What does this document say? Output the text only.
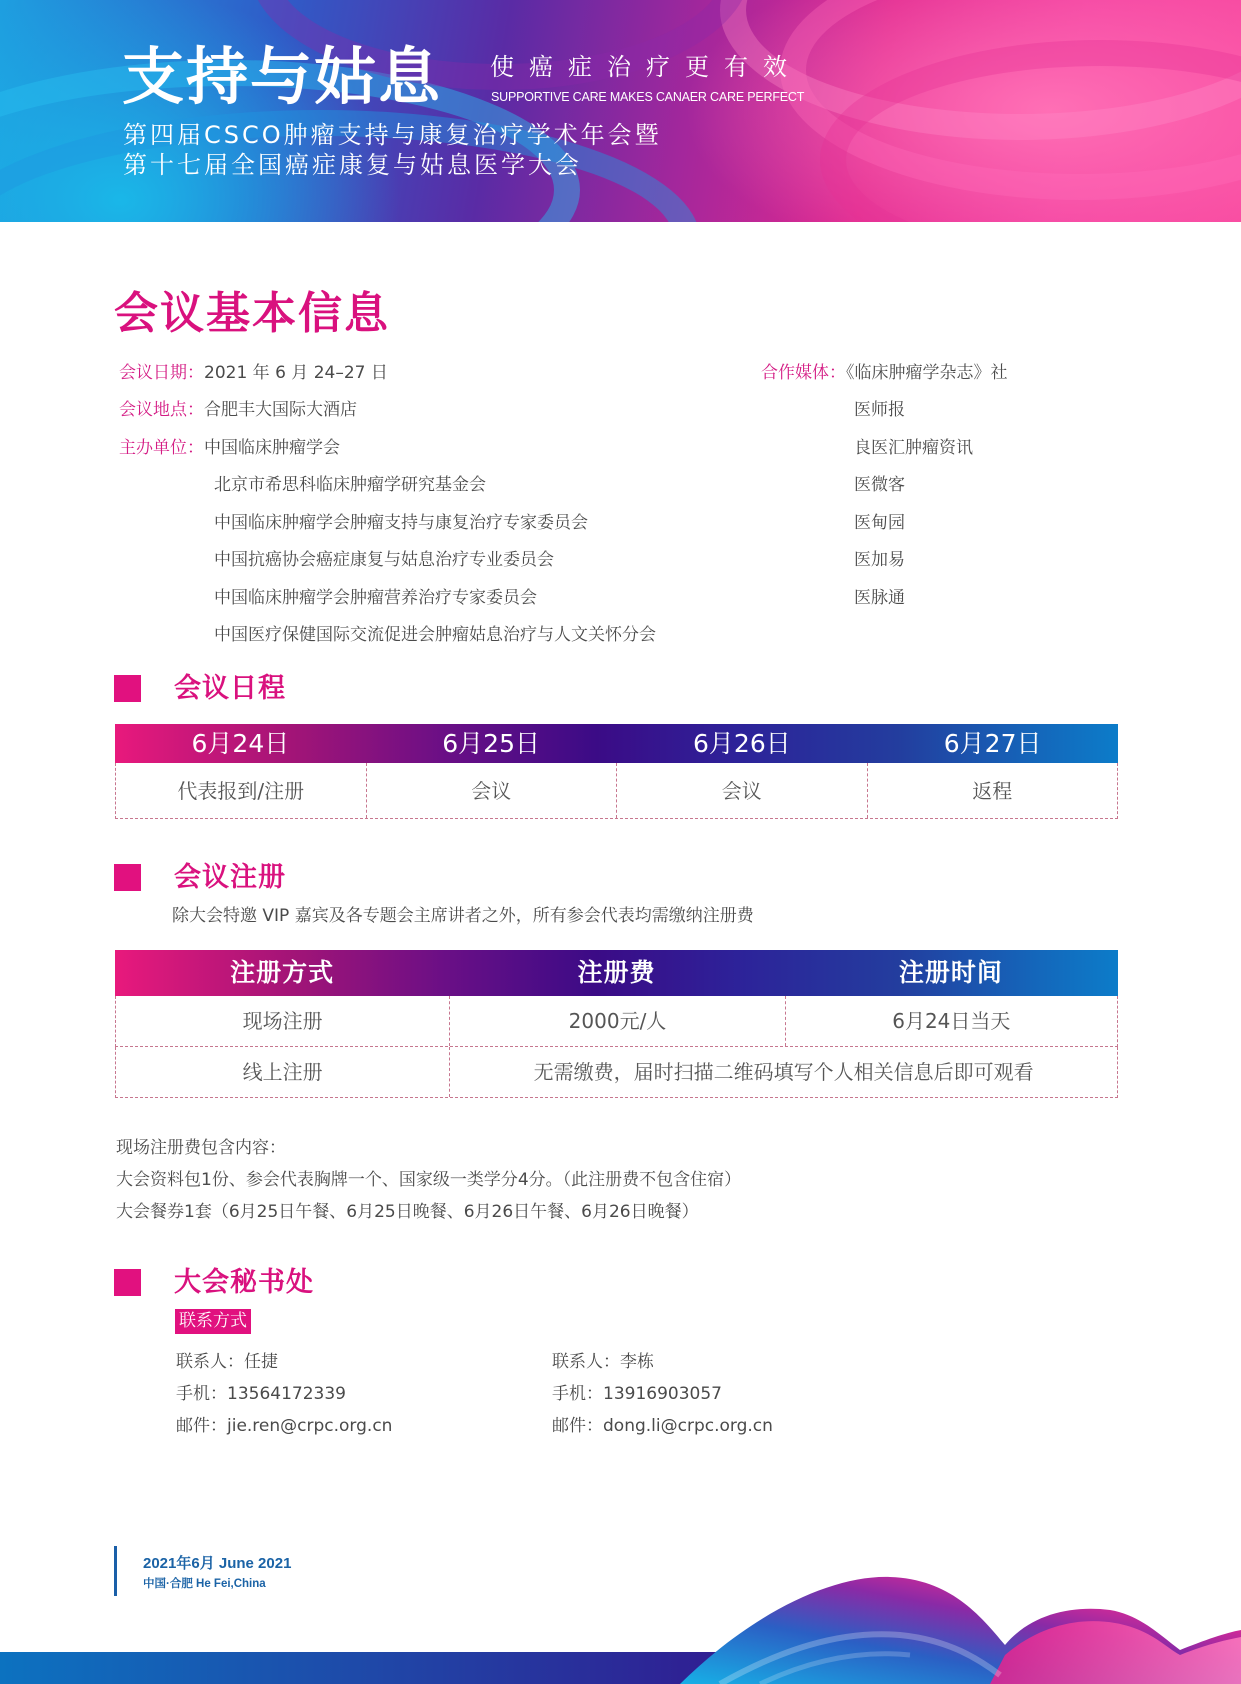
支持与姑息 使癌症治疗更有效
SUPPORTIVE CARE MAKES CANAER CARE PERFECT
第四届CSCO肿瘤支持与康复治疗学术年会暨
第十七届全国癌症康复与姑息医学大会
会议基本信息
会议日期：2021 年 6 月 24–27 日
会议地点：合肥丰大国际大酒店
主办单位：中国临床肿瘤学会
北京市希思科临床肿瘤学研究基金会
中国临床肿瘤学会肿瘤支持与康复治疗专家委员会
中国抗癌协会癌症康复与姑息治疗专业委员会
中国临床肿瘤学会肿瘤营养治疗专家委员会
中国医疗保健国际交流促进会肿瘤姑息治疗与人文关怀分会
合作媒体：《临床肿瘤学杂志》社
医师报
良医汇肿瘤资讯
医微客
医甸园
医加易
医脉通
会议日程
6月24日	6月25日	6月26日	6月27日
代表报到/注册	会议	会议	返程
会议注册
除大会特邀 VIP 嘉宾及各专题会主席讲者之外，所有参会代表均需缴纳注册费
注册方式	注册费	注册时间
现场注册	2000元/人	6月24日当天
线上注册	无需缴费，届时扫描二维码填写个人相关信息后即可观看
现场注册费包含内容：
大会资料包1份、参会代表胸牌一个、国家级一类学分4分。（此注册费不包含住宿）
大会餐券1套（6月25日午餐、6月25日晚餐、6月26日午餐、6月26日晚餐）
大会秘书处
联系方式
联系人：任捷
手机：13564172339
邮件：jie.ren@crpc.org.cn
联系人：李栋
手机：13916903057
邮件：dong.li@crpc.org.cn
2021年6月 June 2021
中国·合肥 He Fei,China
